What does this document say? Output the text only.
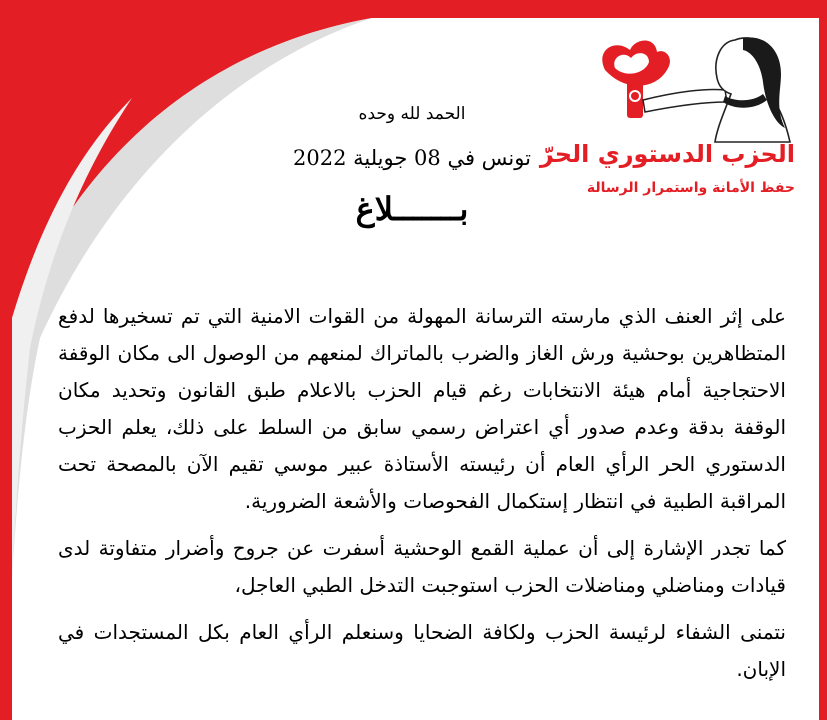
الحزب الدستوري الحرّ
حفظ الأمانة واستمرار الرسالة
الحمد لله وحده
تونس في 08 جويلية 2022
بـــــــلاغ

على إثر العنف الذي مارسته الترسانة المهولة من القوات الامنية التي تم تسخيرها لدفع المتظاهرين بوحشية ورش الغاز والضرب بالماتراك لمنعهم من الوصول الى مكان الوقفة الاحتجاجية أمام هيئة الانتخابات رغم قيام الحزب بالاعلام طبق القانون وتحديد مكان الوقفة بدقة وعدم صدور أي اعتراض رسمي سابق من السلط على ذلك، يعلم الحزب الدستوري الحر الرأي العام أن رئيسته الأستاذة عبير موسي تقيم الآن بالمصحة تحت المراقبة الطبية في انتظار إستكمال الفحوصات والأشعة الضرورية.

كما تجدر الإشارة إلى أن عملية القمع الوحشية أسفرت عن جروح وأضرار متفاوتة لدى قيادات ومناضلي ومناضلات الحزب استوجبت التدخل الطبي العاجل،

نتمنى الشفاء لرئيسة الحزب ولكافة الضحايا وسنعلم الرأي العام بكل المستجدات في الإبان.
